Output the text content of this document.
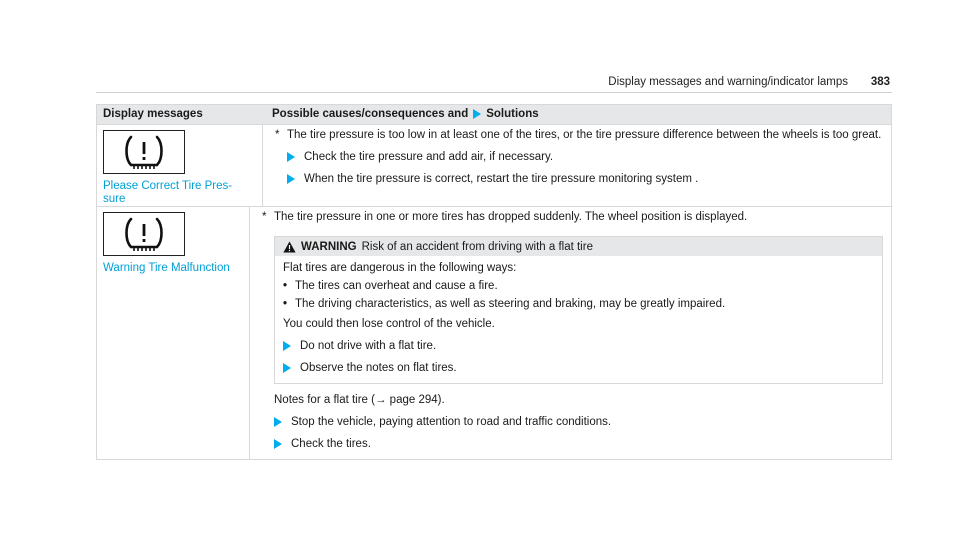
Display messages and warning/indicator lamps 383
Display messages	Possible causes/consequences and Solutions
Please Correct Tire Pres-
sure
* The tire pressure is too low in at least one of the tires, or the tire pressure difference between the wheels is too great.
Check the tire pressure and add air, if necessary.
When the tire pressure is correct, restart the tire pressure monitoring system .
Warning Tire Malfunction
* The tire pressure in one or more tires has dropped suddenly. The wheel position is displayed.
WARNING Risk of an accident from driving with a flat tire
Flat tires are dangerous in the following ways:
• The tires can overheat and cause a fire.
• The driving characteristics, as well as steering and braking, may be greatly impaired.

You could then lose control of the vehicle.

Do not drive with a flat tire.
Observe the notes on flat tires.
Notes for a flat tire (→ page 294).
Stop the vehicle, paying attention to road and traffic conditions.
Check the tires.
